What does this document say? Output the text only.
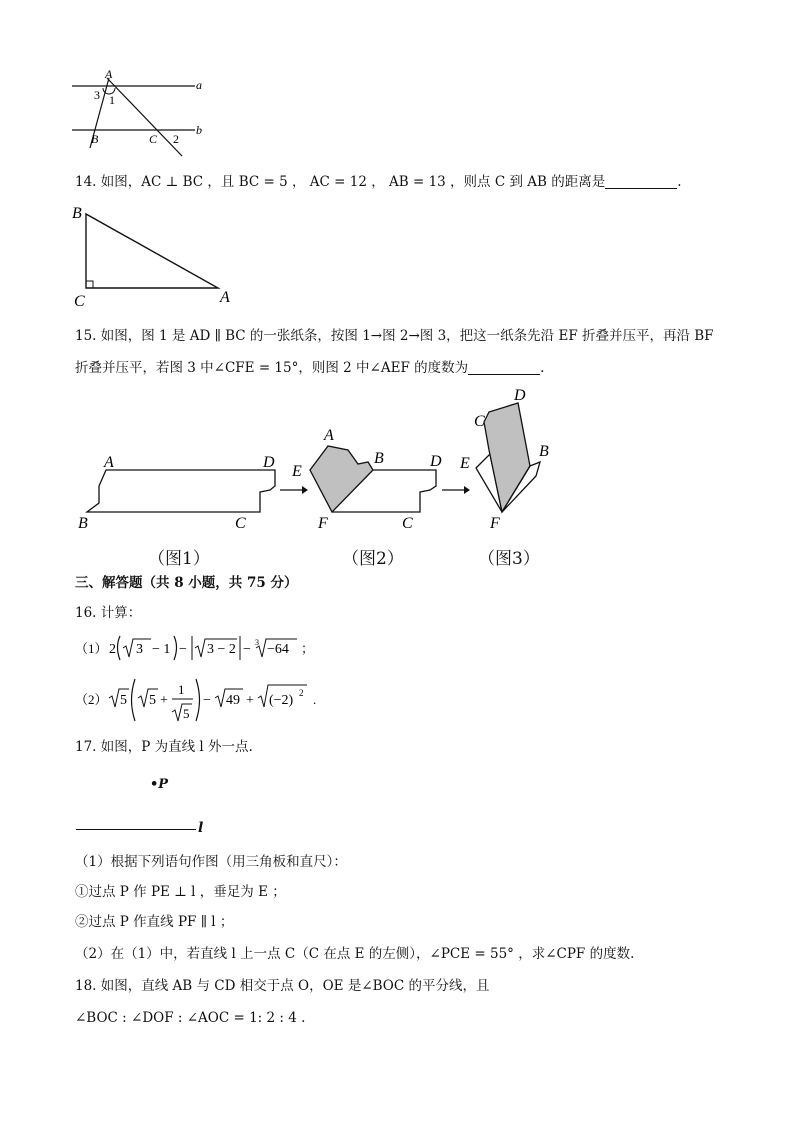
A
3 1
a
b
B	C 2
14. 如图，AC ⊥ BC ，且 BC = 5 ， AC = 12 ， AB = 13 ，则点 C 到 AB 的距离是	.
B
C	A
15. 如图，图 1 是 AD ∥ BC 的一张纸条，按图 1→图 2→图 3，把这一纸条先沿 EF 折叠并压平，再沿 BF
折叠并压平，若图 3 中∠CFE = 15°，则图 2 中∠AEF 的度数为	.
A	D
B	C
A
B	D
E
F	C
C
D
B
E
F
（图1）	（图2）	（图3）
三、解答题（共 8 小题，共 75 分）
16. 计算：
（1） 2 3 − 1 − 3 − 2 − 3 −64 ；
（2） 5 5 +
1
5
− 49 + (−2) 2 .
17. 如图，P 为直线 l 外一点.
•P
l
（1）根据下列语句作图（用三角板和直尺）：
①过点 P 作 PE ⊥ l ，垂足为 E ；
②过点 P 作直线 PF ∥ l ；
（2）在（1）中，若直线 l 上一点 C（C 在点 E 的左侧），∠PCE = 55° ，求∠CPF 的度数.
18. 如图，直线 AB 与 CD 相交于点 O，OE 是∠BOC 的平分线，且
∠BOC : ∠DOF : ∠AOC = 1: 2 : 4 .
